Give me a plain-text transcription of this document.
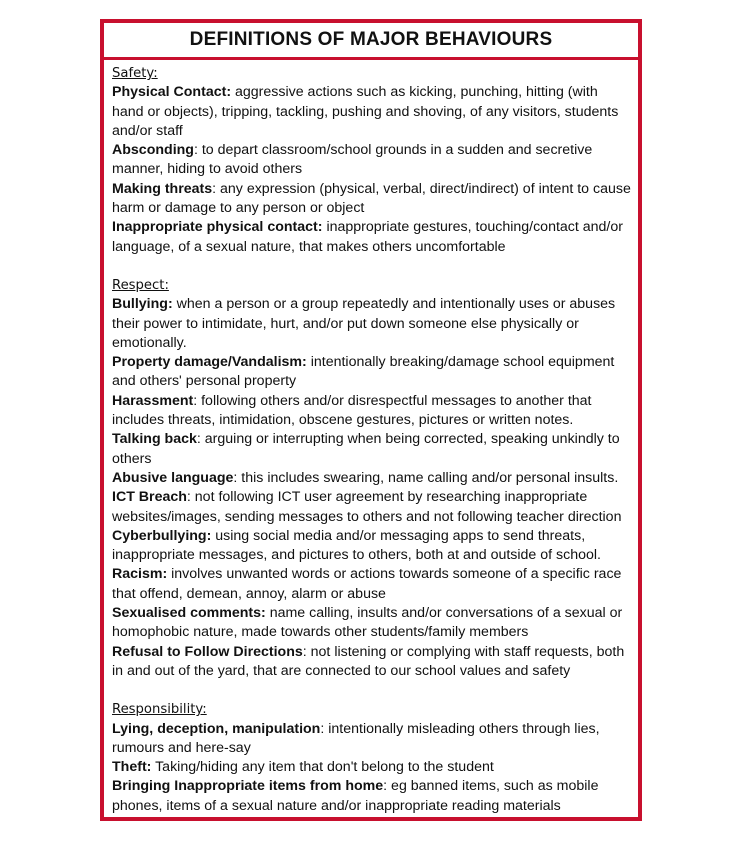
DEFINITIONS OF MAJOR BEHAVIOURS
Safety:
Physical Contact: aggressive actions such as kicking, punching, hitting (with hand or objects), tripping, tackling, pushing and shoving, of any visitors, students and/or staff
Absconding: to depart classroom/school grounds in a sudden and secretive manner, hiding to avoid others
Making threats: any expression (physical, verbal, direct/indirect) of intent to cause harm or damage to any person or object
Inappropriate physical contact: inappropriate gestures, touching/contact and/or language, of a sexual nature, that makes others uncomfortable
Respect:
Bullying: when a person or a group repeatedly and intentionally uses or abuses their power to intimidate, hurt, and/or put down someone else physically or emotionally.
Property damage/Vandalism: intentionally breaking/damage school equipment and others' personal property
Harassment: following others and/or disrespectful messages to another that includes threats, intimidation, obscene gestures, pictures or written notes.
Talking back: arguing or interrupting when being corrected, speaking unkindly to others
Abusive language: this includes swearing, name calling and/or personal insults.
ICT Breach: not following ICT user agreement by researching inappropriate websites/images, sending messages to others and not following teacher direction
Cyberbullying: using social media and/or messaging apps to send threats, inappropriate messages, and pictures to others, both at and outside of school.
Racism: involves unwanted words or actions towards someone of a specific race that offend, demean, annoy, alarm or abuse
Sexualised comments: name calling, insults and/or conversations of a sexual or homophobic nature, made towards other students/family members
Refusal to Follow Directions: not listening or complying with staff requests, both in and out of the yard, that are connected to our school values and safety
Responsibility:
Lying, deception, manipulation: intentionally misleading others through lies, rumours and here-say
Theft: Taking/hiding any item that don't belong to the student
Bringing Inappropriate items from home: eg banned items, such as mobile phones, items of a sexual nature and/or inappropriate reading materials
